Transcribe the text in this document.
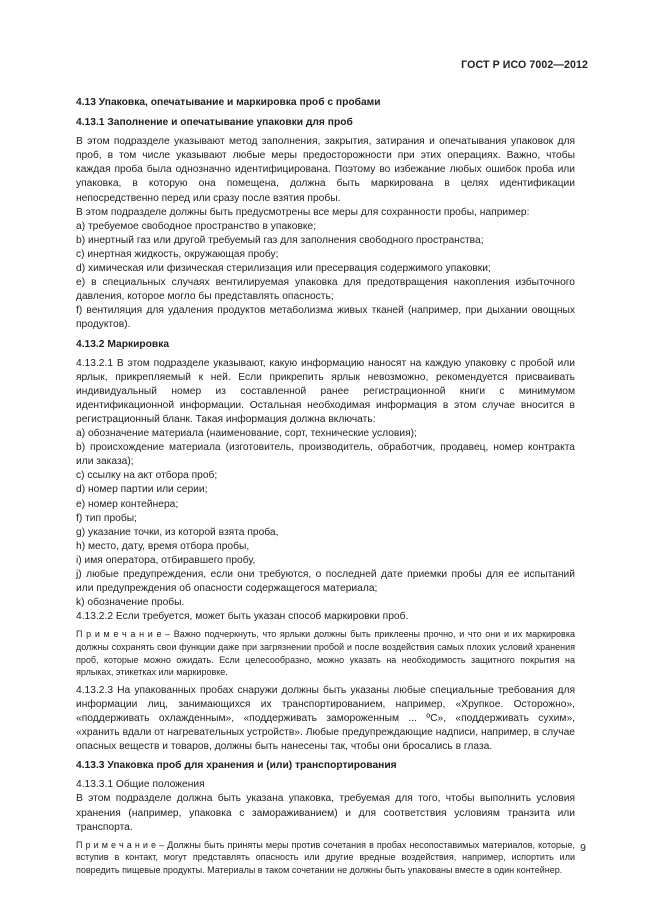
ГОСТ Р ИСО 7002—2012

4.13 Упаковка, опечатывание и маркировка проб с пробами

4.13.1 Заполнение и опечатывание упаковки для проб

В этом подразделе указывают метод заполнения, закрытия, затирания и опечатывания упаковок для проб, в том числе указывают любые меры предосторожности при этих операциях. Важно, чтобы каждая проба была однозначно идентифицирована. Поэтому во избежание любых ошибок проба или упаковка, в которую она помещена, должна быть маркирована в целях идентификации непосредственно перед или сразу после взятия пробы.

В этом подразделе должны быть предусмотрены все меры для сохранности пробы, например:

a) требуемое свободное пространство в упаковке;

b) инертный газ или другой требуемый газ для заполнения свободного пространства;

c) инертная жидкость, окружающая пробу;

d) химическая или физическая стерилизация или пресервация содержимого упаковки;

e) в специальных случаях вентилируемая упаковка для предотвращения накопления избыточного давления, которое могло бы представлять опасность;

f) вентиляция для удаления продуктов метаболизма живых тканей (например, при дыхании овощных продуктов).

4.13.2 Маркировка

4.13.2.1 В этом подразделе указывают, какую информацию наносят на каждую упаковку с пробой или ярлык, прикрепляемый к ней. Если прикрепить ярлык невозможно, рекомендуется присваивать индивидуальный номер из составленной ранее регистрационной книги с минимумом идентификационной информации. Остальная необходимая информация в этом случае вносится в регистрационный бланк. Такая информация должна включать:

a) обозначение материала (наименование, сорт, технические условия);

b) происхождение материала (изготовитель, производитель, обработчик, продавец, номер контракта или заказа);

c) ссылку на акт отбора проб;

d) номер партии или серии;

e) номер контейнера;

f) тип пробы;

g) указание точки, из которой взята проба,

h) место, дату, время отбора пробы,

i) имя оператора, отбиравшего пробу,

j) любые предупреждения, если они требуются, о последней дате приемки пробы для ее испытаний или предупреждения об опасности содержащегося материала;

k) обозначение пробы.

4.13.2.2 Если требуется, может быть указан способ маркировки проб.

П р и м е ч а н и е – Важно подчеркнуть, что ярлыки должны быть приклеены прочно, и что они и их маркировка должны сохранять свои функции даже при загрязнении пробой и после воздействия самых плохих условий хранения проб, которые можно ожидать. Если целесообразно, можно указать на необходимость защитного покрытия на ярлыках, этикетках или маркировке.

4.13.2.3 На упакованных пробах снаружи должны быть указаны любые специальные требования для информации лиц, занимающихся их транспортированием, например, «Хрупкое. Осторожно», «поддерживать охлажденным», «поддерживать замороженным ... ºС», «поддерживать сухим», «хранить вдали от нагревательных устройств». Любые предупреждающие надписи, например, в случае опасных веществ и товаров, должны быть нанесены так, чтобы они бросались в глаза.

4.13.3 Упаковка проб для хранения и (или) транспортирования

4.13.3.1 Общие положения

В этом подразделе должна быть указана упаковка, требуемая для того, чтобы выполнить условия хранения (например, упаковка с замораживанием) и для соответствия условиям транзита или транспорта.

П р и м е ч а н и е – Должны быть приняты меры против сочетания в пробах несопоставимых материалов, которые, вступив в контакт, могут представлять опасность или другие вредные воздействия, например, испортить или повредить пищевые продукты. Материалы в таком сочетании не должны быть упакованы вместе в один контейнер.

9
